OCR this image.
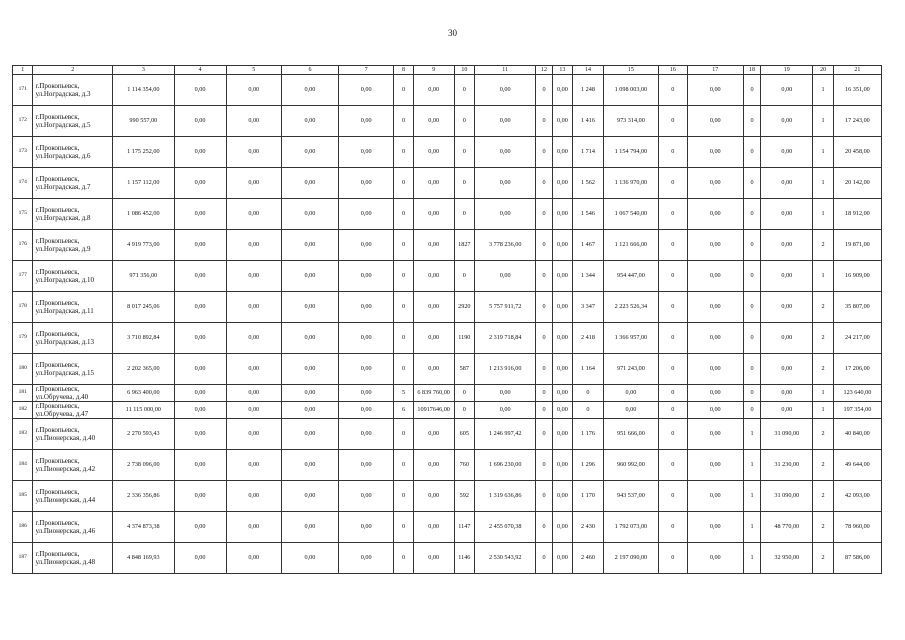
30
1	2	3	4	5	6	7	8	9	10	11	12	13	14	15	16	17	18	19	20	21
171	г.Прокопьевск, ул.Ноградская, д.3	1 114 354,00	0,00	0,00	0,00	0,00	0	0,00	0	0,00	0	0,00	1 248	1 098 003,00	0	0,00	0	0,00	1	16 351,00
172	г.Прокопьевск, ул.Ноградская, д.5	990 557,00	0,00	0,00	0,00	0,00	0	0,00	0	0,00	0	0,00	1 416	973 314,00	0	0,00	0	0,00	1	17 243,00
173	г.Прокопьевск, ул.Ноградская, д.6	1 175 252,00	0,00	0,00	0,00	0,00	0	0,00	0	0,00	0	0,00	1 714	1 154 794,00	0	0,00	0	0,00	1	20 458,00
174	г.Прокопьевск, ул.Ноградская, д.7	1 157 112,00	0,00	0,00	0,00	0,00	0	0,00	0	0,00	0	0,00	1 562	1 136 970,00	0	0,00	0	0,00	1	20 142,00
175	г.Прокопьевск, ул.Ноградская, д.8	1 086 452,00	0,00	0,00	0,00	0,00	0	0,00	0	0,00	0	0,00	1 546	1 067 540,00	0	0,00	0	0,00	1	18 912,00
176	г.Прокопьевск, ул.Ноградская, д.9	4 919 773,00	0,00	0,00	0,00	0,00	0	0,00	1827	3 778 236,00	0	0,00	1 467	1 121 666,00	0	0,00	0	0,00	2	19 871,00
177	г.Прокопьевск, ул.Ноградская, д.10	971 356,00	0,00	0,00	0,00	0,00	0	0,00	0	0,00	0	0,00	1 344	954 447,00	0	0,00	0	0,00	1	16 909,00
178	г.Прокопьевск, ул.Ноградская, д.11	8 017 245,06	0,00	0,00	0,00	0,00	0	0,00	2920	5 757 911,72	0	0,00	3 347	2 223 526,34	0	0,00	0	0,00	2	35 807,00
179	г.Прокопьевск, ул.Ноградская, д.13	3 710 892,84	0,00	0,00	0,00	0,00	0	0,00	1190	2 319 718,84	0	0,00	2 418	1 366 957,00	0	0,00	0	0,00	2	24 217,00
180	г.Прокопьевск, ул.Ноградская, д.15	2 202 365,00	0,00	0,00	0,00	0,00	0	0,00	587	1 213 916,00	0	0,00	1 164	971 243,00	0	0,00	0	0,00	2	17 206,00
181	г.Прокопьевск, ул.Обручева, д.40	6 963 400,00	0,00	0,00	0,00	0,00	5	6 839 760,00	0	0,00	0	0,00	0	0,00	0	0,00	0	0,00	1	123 640,00
182	г.Прокопьевск, ул.Обручева, д.47	11 115 000,00	0,00	0,00	0,00	0,00	6	10917646,00	0	0,00	0	0,00	0	0,00	0	0,00	0	0,00	1	197 354,00
183	г.Прокопьевск, ул.Пионерская, д.40	2 270 593,43	0,00	0,00	0,00	0,00	0	0,00	605	1 246 997,42	0	0,00	1 176	951 666,00	0	0,00	1	31 090,00	2	40 840,00
184	г.Прокопьевск, ул.Пионерская, д.42	2 738 096,00	0,00	0,00	0,00	0,00	0	0,00	760	1 696 230,00	0	0,00	1 296	960 992,00	0	0,00	1	31 230,00	2	49 644,00
185	г.Прокопьевск, ул.Пионерская, д.44	2 336 356,86	0,00	0,00	0,00	0,00	0	0,00	592	1 319 636,86	0	0,00	1 170	943 537,00	0	0,00	1	31 090,00	2	42 093,00
186	г.Прокопьевск, ул.Пионерская, д.46	4 374 873,38	0,00	0,00	0,00	0,00	0	0,00	1147	2 455 070,38	0	0,00	2 430	1 792 073,00	0	0,00	1	48 770,00	2	78 960,00
187	г.Прокопьевск, ул.Пионерская, д.48	4 848 169,93	0,00	0,00	0,00	0,00	0	0,00	1146	2 530 543,92	0	0,00	2 460	2 197 090,00	0	0,00	1	32 950,00	2	87 586,00
